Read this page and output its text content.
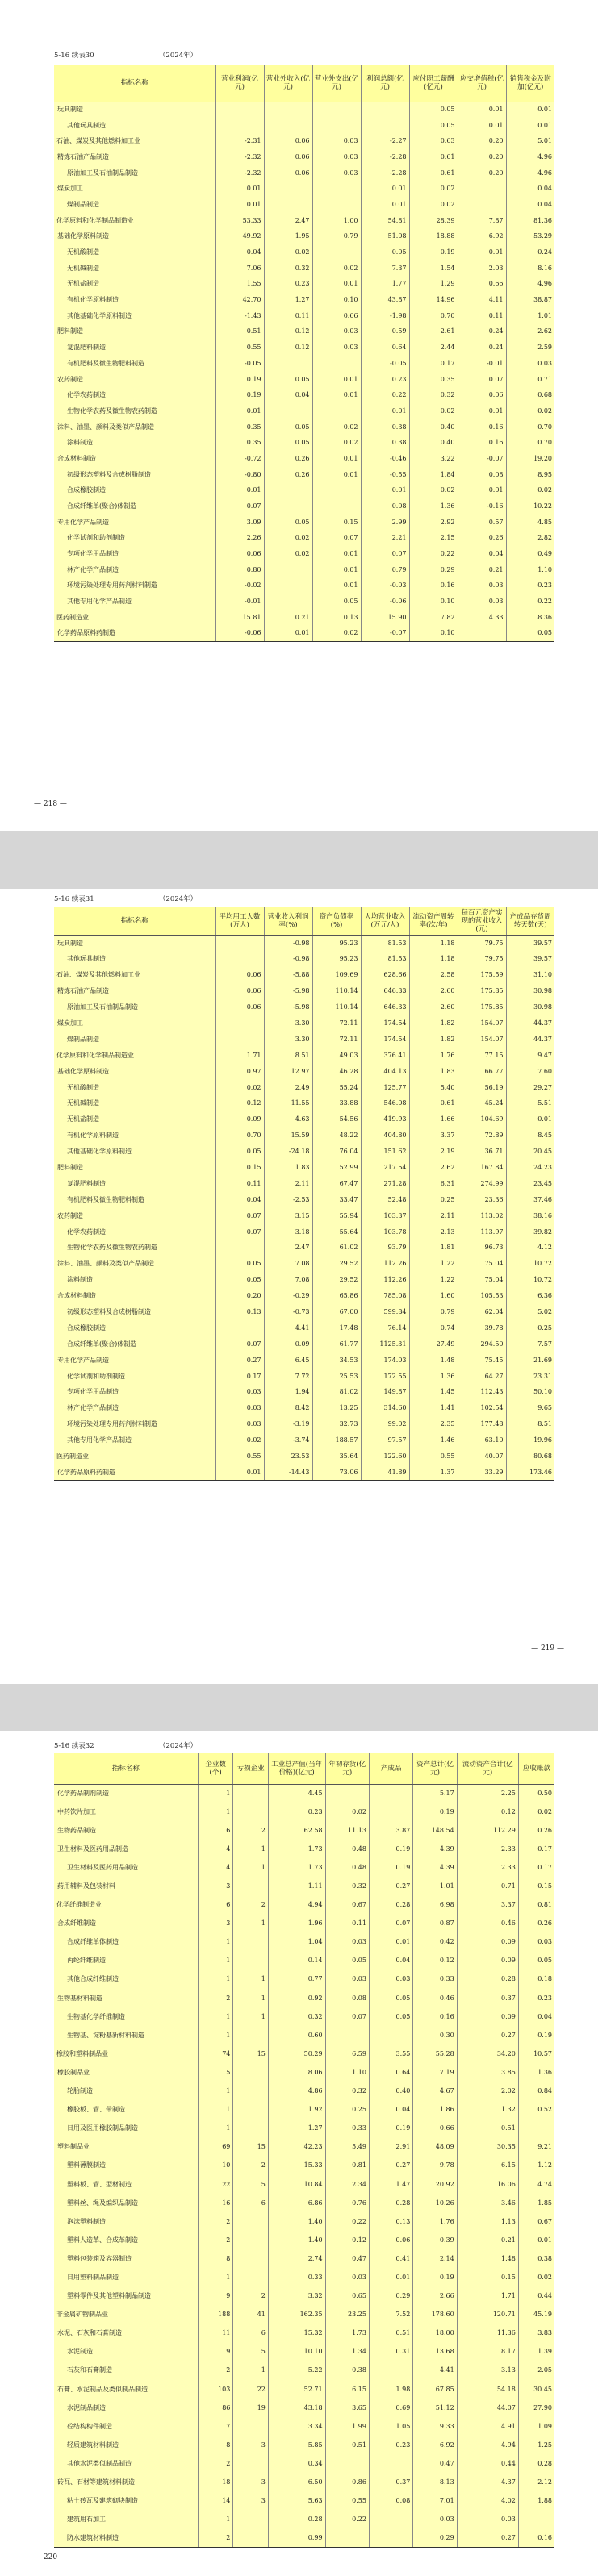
5-16 续表30	（2024年）
指标名称	营业利润(亿元)	营业外收入(亿元)	营业外支出(亿元)	利润总额(亿元)	应付职工薪酬(亿元)	应交增值税(亿元)	销售税金及附加(亿元)
玩具制造					0.05	0.01	0.01
其他玩具制造					0.05	0.01	0.01
石油、煤炭及其他燃料加工业	-2.31	0.06	0.03	-2.27	0.63	0.20	5.01
精炼石油产品制造	-2.32	0.06	0.03	-2.28	0.61	0.20	4.96
原油加工及石油制品制造	-2.32	0.06	0.03	-2.28	0.61	0.20	4.96
煤炭加工	0.01			0.01	0.02		0.04
煤制品制造	0.01			0.01	0.02		0.04
化学原料和化学制品制造业	53.33	2.47	1.00	54.81	28.39	7.87	81.36
基础化学原料制造	49.92	1.95	0.79	51.08	18.88	6.92	53.29
无机酸制造	0.04	0.02		0.05	0.19	0.01	0.24
无机碱制造	7.06	0.32	0.02	7.37	1.54	2.03	8.16
无机盐制造	1.55	0.23	0.01	1.77	1.29	0.66	4.96
有机化学原料制造	42.70	1.27	0.10	43.87	14.96	4.11	38.87
其他基础化学原料制造	-1.43	0.11	0.66	-1.98	0.70	0.11	1.01
肥料制造	0.51	0.12	0.03	0.59	2.61	0.24	2.62
复混肥料制造	0.55	0.12	0.03	0.64	2.44	0.24	2.59
有机肥料及微生物肥料制造	-0.05			-0.05	0.17	-0.01	0.03
农药制造	0.19	0.05	0.01	0.23	0.35	0.07	0.71
化学农药制造	0.19	0.04	0.01	0.22	0.32	0.06	0.68
生物化学农药及微生物农药制造	0.01			0.01	0.02	0.01	0.02
涂料、油墨、颜料及类似产品制造	0.35	0.05	0.02	0.38	0.40	0.16	0.70
涂料制造	0.35	0.05	0.02	0.38	0.40	0.16	0.70
合成材料制造	-0.72	0.26	0.01	-0.46	3.22	-0.07	19.20
初级形态塑料及合成树脂制造	-0.80	0.26	0.01	-0.55	1.84	0.08	8.95
合成橡胶制造	0.01			0.01	0.02	0.01	0.02
合成纤维单(聚合)体制造	0.07			0.08	1.36	-0.16	10.22
专用化学产品制造	3.09	0.05	0.15	2.99	2.92	0.57	4.85
化学试剂和助剂制造	2.26	0.02	0.07	2.21	2.15	0.26	2.82
专项化学用品制造	0.06	0.02	0.01	0.07	0.22	0.04	0.49
林产化学产品制造	0.80		0.01	0.79	0.29	0.21	1.10
环境污染处理专用药剂材料制造	-0.02		0.01	-0.03	0.16	0.03	0.23
其他专用化学产品制造	-0.01		0.05	-0.06	0.10	0.03	0.22
医药制造业	15.81	0.21	0.13	15.90	7.82	4.33	8.36
化学药品原料药制造	-0.06	0.01	0.02	-0.07	0.10		0.05
— 218 —
5-16 续表31	（2024年）
指标名称	平均用工人数(万人)	营业收入利润率(%)	资产负债率(%)	人均营业收入(万元/人)	流动资产周转率(次/年)	每百元资产实现的营业收入(元)	产成品存货周转天数(天)
玩具制造		-0.98	95.23	81.53	1.18	79.75	39.57
其他玩具制造		-0.98	95.23	81.53	1.18	79.75	39.57
石油、煤炭及其他燃料加工业	0.06	-5.88	109.69	628.66	2.58	175.59	31.10
精炼石油产品制造	0.06	-5.98	110.14	646.33	2.60	175.85	30.98
原油加工及石油制品制造	0.06	-5.98	110.14	646.33	2.60	175.85	30.98
煤炭加工		3.30	72.11	174.54	1.82	154.07	44.37
煤制品制造		3.30	72.11	174.54	1.82	154.07	44.37
化学原料和化学制品制造业	1.71	8.51	49.03	376.41	1.76	77.15	9.47
基础化学原料制造	0.97	12.97	46.28	404.13	1.83	66.77	7.60
无机酸制造	0.02	2.49	55.24	125.77	5.40	56.19	29.27
无机碱制造	0.12	11.55	33.88	546.08	0.61	45.24	5.51
无机盐制造	0.09	4.63	54.56	419.93	1.66	104.69	0.01
有机化学原料制造	0.70	15.59	48.22	404.80	3.37	72.89	8.45
其他基础化学原料制造	0.05	-24.18	76.04	151.62	2.19	36.71	20.45
肥料制造	0.15	1.83	52.99	217.54	2.62	167.84	24.23
复混肥料制造	0.11	2.11	67.47	271.28	6.31	274.99	23.45
有机肥料及微生物肥料制造	0.04	-2.53	33.47	52.48	0.25	23.36	37.46
农药制造	0.07	3.15	55.94	103.37	2.11	113.02	38.16
化学农药制造	0.07	3.18	55.64	103.78	2.13	113.97	39.82
生物化学农药及微生物农药制造		2.47	61.02	93.79	1.81	96.73	4.12
涂料、油墨、颜料及类似产品制造	0.05	7.08	29.52	112.26	1.22	75.04	10.72
涂料制造	0.05	7.08	29.52	112.26	1.22	75.04	10.72
合成材料制造	0.20	-0.29	65.86	785.08	1.60	105.53	6.36
初级形态塑料及合成树脂制造	0.13	-0.73	67.00	599.84	0.79	62.04	5.02
合成橡胶制造		4.41	17.48	76.14	0.74	39.78	0.25
合成纤维单(聚合)体制造	0.07	0.09	61.77	1125.31	27.49	294.50	7.57
专用化学产品制造	0.27	6.45	34.53	174.03	1.48	75.45	21.69
化学试剂和助剂制造	0.17	7.72	25.53	172.55	1.36	64.27	23.31
专项化学用品制造	0.03	1.94	81.02	149.87	1.45	112.43	50.10
林产化学产品制造	0.03	8.42	13.25	314.60	1.41	102.54	9.65
环境污染处理专用药剂材料制造	0.03	-3.19	32.73	99.02	2.35	177.48	8.51
其他专用化学产品制造	0.02	-3.74	188.57	97.57	1.46	63.10	19.96
医药制造业	0.55	23.53	35.64	122.60	0.55	40.07	80.68
化学药品原料药制造	0.01	-14.43	73.06	41.89	1.37	33.29	173.46
— 219 —
5-16 续表32	（2024年）
指标名称	企业数(个)	亏损企业	工业总产值(当年价格)(亿元)	年初存货(亿元)	产成品	资产总计(亿元)	流动资产合计(亿元)	应收账款
化学药品制剂制造	1		4.45			5.17	2.25	0.50
中药饮片加工	1		0.23	0.02		0.19	0.12	0.02
生物药品制造	6	2	62.58	11.13	3.87	148.54	112.29	0.26
卫生材料及医药用品制造	4	1	1.73	0.48	0.19	4.39	2.33	0.17
卫生材料及医药用品制造	4	1	1.73	0.48	0.19	4.39	2.33	0.17
药用辅料及包装材料	3		1.11	0.32	0.27	1.01	0.71	0.15
化学纤维制造业	6	2	4.94	0.67	0.28	6.98	3.37	0.81
合成纤维制造	3	1	1.96	0.11	0.07	0.87	0.46	0.26
合成纤维单体制造	1		1.04	0.03	0.01	0.42	0.09	0.03
丙纶纤维制造	1		0.14	0.05	0.04	0.12	0.09	0.05
其他合成纤维制造	1	1	0.77	0.03	0.03	0.33	0.28	0.18
生物基材料制造	2	1	0.92	0.08	0.05	0.46	0.37	0.23
生物基化学纤维制造	1	1	0.32	0.07	0.05	0.16	0.09	0.04
生物基、淀粉基新材料制造	1		0.60			0.30	0.27	0.19
橡胶和塑料制品业	74	15	50.29	6.59	3.55	55.28	34.20	10.57
橡胶制品业	5		8.06	1.10	0.64	7.19	3.85	1.36
轮胎制造	1		4.86	0.32	0.40	4.67	2.02	0.84
橡胶板、管、带制造	1		1.92	0.25	0.04	1.86	1.32	0.52
日用及医用橡胶制品制造	1		1.27	0.33	0.19	0.66	0.51	
塑料制品业	69	15	42.23	5.49	2.91	48.09	30.35	9.21
塑料薄膜制造	10	2	15.33	0.81	0.27	9.78	6.15	1.12
塑料板、管、型材制造	22	5	10.84	2.34	1.47	20.92	16.06	4.74
塑料丝、绳及编织品制造	16	6	6.86	0.76	0.28	10.26	3.46	1.85
泡沫塑料制造	2		1.40	0.22	0.13	1.76	1.13	0.67
塑料人造革、合成革制造	2		1.40	0.12	0.06	0.39	0.21	0.01
塑料包装箱及容器制造	8		2.74	0.47	0.41	2.14	1.48	0.38
日用塑料制品制造	1		0.33	0.03	0.01	0.19	0.15	0.02
塑料零件及其他塑料制品制造	9	2	3.32	0.65	0.29	2.66	1.71	0.44
非金属矿物制品业	188	41	162.35	23.25	7.52	178.60	120.71	45.19
水泥、石灰和石膏制造	11	6	15.32	1.73	0.51	18.00	11.36	3.83
水泥制造	9	5	10.10	1.34	0.31	13.68	8.17	1.39
石灰和石膏制造	2	1	5.22	0.38		4.41	3.13	2.05
石膏、水泥制品及类似制品制造	103	22	52.71	6.15	1.98	67.85	54.18	30.45
水泥制品制造	86	19	43.18	3.65	0.69	51.12	44.07	27.90
砼结构构件制造	7		3.34	1.99	1.05	9.33	4.91	1.09
轻质建筑材料制造	8	3	5.85	0.51	0.23	6.92	4.94	1.25
其他水泥类似制品制造	2		0.34			0.47	0.44	0.28
砖瓦、石材等建筑材料制造	18	3	6.50	0.86	0.37	8.13	4.37	2.12
粘土砖瓦及建筑砌块制造	14	3	5.63	0.55	0.08	7.01	4.02	1.88
建筑用石加工	1		0.28	0.22		0.03	0.03	
防水建筑材料制造	2		0.99			0.29	0.27	0.16
— 220 —
